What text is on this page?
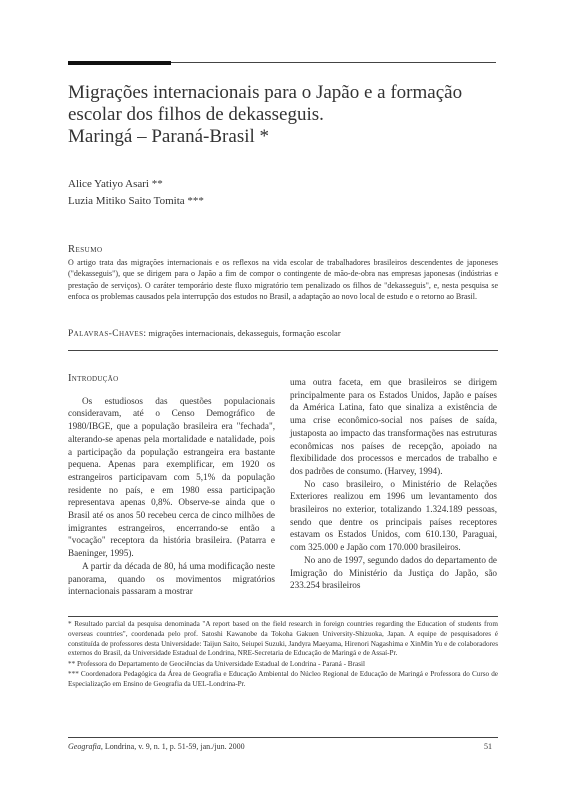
Migrações internacionais para o Japão e a formação
escolar dos filhos de dekasseguis.
Maringá – Paraná-Brasil *
Alice Yatiyo Asari **
Luzia Mitiko Saito Tomita ***
Resumo
O artigo trata das migrações internacionais e os reflexos na vida escolar de trabalhadores brasileiros descendentes de japoneses ("dekasseguis"), que se dirigem para o Japão a fim de compor o contingente de mão-de-obra nas empresas japonesas (indústrias e prestação de serviços). O caráter temporário deste fluxo migratório tem penalizado os filhos de "dekasseguis", e, nesta pesquisa se enfoca os problemas causados pela interrupção dos estudos no Brasil, a adaptação ao novo local de estudo e o retorno ao Brasil.
Palavras-Chaves: migrações internacionais, dekasseguis, formação escolar
Introdução

Os estudiosos das questões populacionais consideravam, até o Censo Demográfico de 1980/IBGE, que a população brasileira era "fechada", alterando-se apenas pela mortalidade e natalidade, pois a participação da população estrangeira era bastante pequena. Apenas para exemplificar, em 1920 os estrangeiros participavam com 5,1% da população residente no país, e em 1980 essa participação representava apenas 0,8%. Observe-se ainda que o Brasil até os anos 50 recebeu cerca de cinco milhões de imigrantes estrangeiros, encerrando-se então a "vocação" receptora da história brasileira. (Patarra e Baeninger, 1995).

A partir da década de 80, há uma modificação neste panorama, quando os movimentos migratórios internacionais passaram a mostrar

uma outra faceta, em que brasileiros se dirigem principalmente para os Estados Unidos, Japão e países da América Latina, fato que sinaliza a existência de uma crise econômico-social nos países de saída, justaposta ao impacto das transformações nas estruturas econômicas nos países de recepção, apoiado na flexibilidade dos processos e mercados de trabalho e dos padrões de consumo. (Harvey, 1994).

No caso brasileiro, o Ministério de Relações Exteriores realizou em 1996 um levantamento dos brasileiros no exterior, totalizando 1.324.189 pessoas, sendo que dentre os principais países receptores estavam os Estados Unidos, com 610.130, Paraguai, com 325.000 e Japão com 170.000 brasileiros.

No ano de 1997, segundo dados do departamento de Imigração do Ministério da Justiça do Japão, são 233.254 brasileiros

* Resultado parcial da pesquisa denominada "A report based on the field research in foreign countries regarding the Education of students from overseas countries", coordenada pelo prof. Satoshi Kawanobe da Tokoha Gakuen University-Shizuoka, Japan. A equipe de pesquisadores é constituída de professores desta Universidade: Taijun Saito, Seiupei Suzuki, Jandyra Maeyama, Hirenori Nagashima e XinMin Yu e de colaboradores externos do Brasil, da Universidade Estadual de Londrina, NRE-Secretaria de Educação de Maringá e de Assaí-Pr.

** Professora do Departamento de Geociências da Universidade Estadual de Londrina - Paraná - Brasil

*** Coordenadora Pedagógica da Área de Geografia e Educação Ambiental do Núcleo Regional de Educação de Maringá e Professora do Curso de Especialização em Ensino de Geografia da UEL-Londrina-Pr.

Geografia, Londrina, v. 9, n. 1, p. 51-59, jan./jun. 2000	51
